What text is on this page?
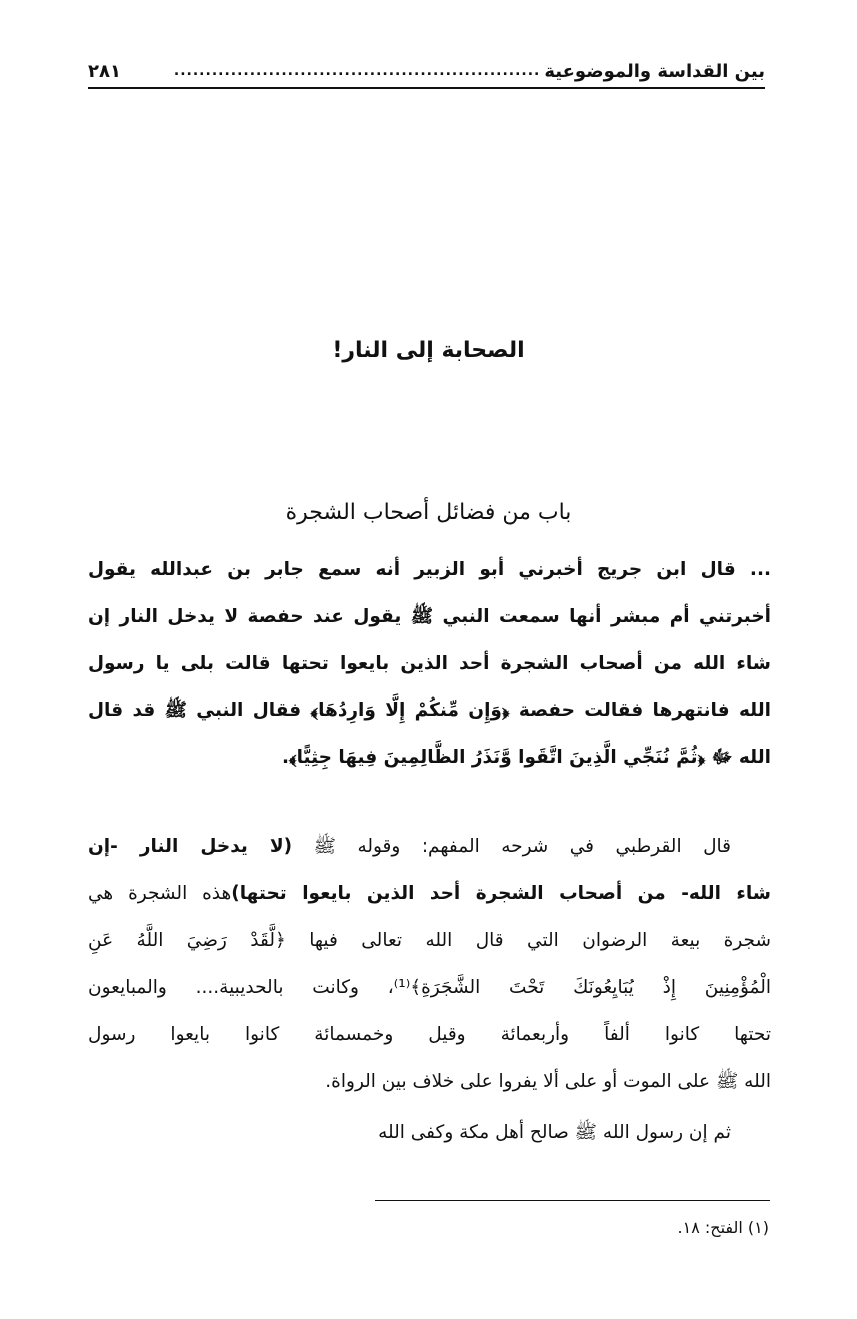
بين القداسة والموضوعية
..........................................................
٢٨١
الصحابة إلى النار!
باب من فضائل أصحاب الشجرة
... قال ابن جريج أخبرني أبو الزبير أنه سمع جابر بن عبدالله يقول
أخبرتني أم مبشر أنها سمعت النبي ﷺ يقول عند حفصة لا يدخل النار إن
شاء الله من أصحاب الشجرة أحد الذين بايعوا تحتها قالت بلى يا رسول
الله فانتهرها فقالت حفصة ﴿وَإِن مِّنكُمْ إِلَّا وَارِدُهَا﴾ فقال النبي ﷺ قد قال
الله ﷻ ﴿ثُمَّ نُنَجِّي الَّذِينَ اتَّقَوا وَّنَذَرُ الظَّالِمِينَ فِيهَا جِثِيًّا﴾.
قال القرطبي في شرحه المفهم: وقوله ﷺ (لا يدخل النار -إن
شاء الله- من أصحاب الشجرة أحد الذين بايعوا تحتها)هذه الشجرة هي
شجرة بيعة الرضوان التي قال الله تعالى فيها ﴿لَّقَدْ رَضِيَ اللَّهُ عَنِ
الْمُؤْمِنِينَ إِذْ يُبَايِعُونَكَ تَحْتَ الشَّجَرَةِ﴾⁽¹⁾، وكانت بالحديبية.... والمبايعون
تحتها كانوا ألفاً وأربعمائة وقيل وخمسمائة كانوا بايعوا رسول
الله ﷺ على الموت أو على ألا يفروا على خلاف بين الرواة.
ثم إن رسول الله ﷺ صالح أهل مكة وكفى الله
(١) الفتح: ١٨.
